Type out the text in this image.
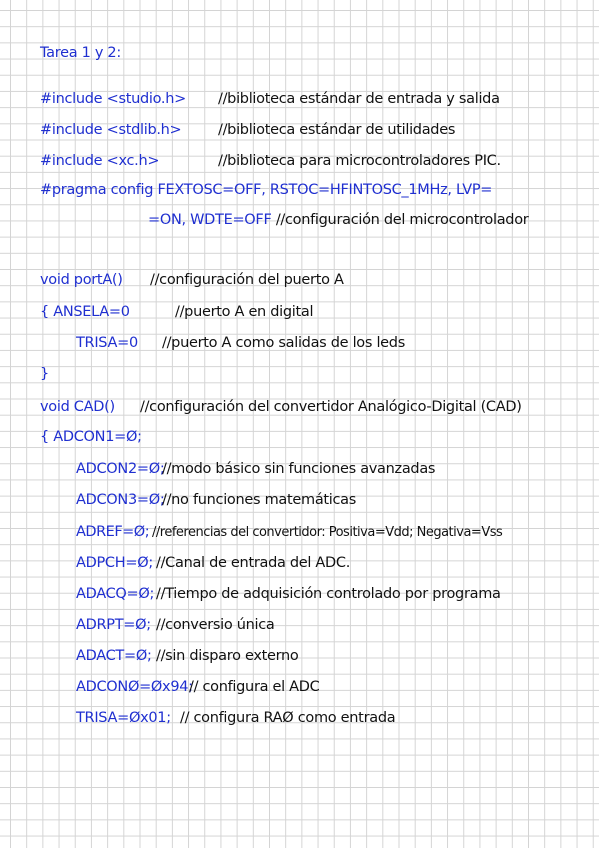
Tarea 1 y 2:
#include <studio.h> //biblioteca estándar de entrada y salida
#include <stdlib.h>	//biblioteca estándar de utilidades
#include <xc.h>	//biblioteca para microcontroladores PIC.
#pragma config FEXTOSC=OFF, RSTOC=HFINTOSC_1MHz, LVP=
=ON, WDTE=OFF //configuración del microcontrolador
void portA() //configuración del puerto A
{ ANSELA=0	//puerto A en digital
TRISA=0 //puerto A como salidas de los leds
}
void CAD() //configuración del convertidor Analógico-Digital (CAD)
{ ADCON1=Ø;
ADCON2=Ø;//modo básico sin funciones avanzadas
ADCON3=Ø;//no funciones matemáticas
ADREF=Ø; //referencias del convertidor: Positiva=Vdd; Negativa=Vss
ADPCH=Ø; //Canal de entrada del ADC.
ADACQ=Ø; //Tiempo de adquisición controlado por programa
ADRPT=Ø; //conversio única
ADACT=Ø; //sin disparo externo
ADCONØ=Øx94;// configura el ADC
TRISA=Øx01; // configura RAØ como entrada
